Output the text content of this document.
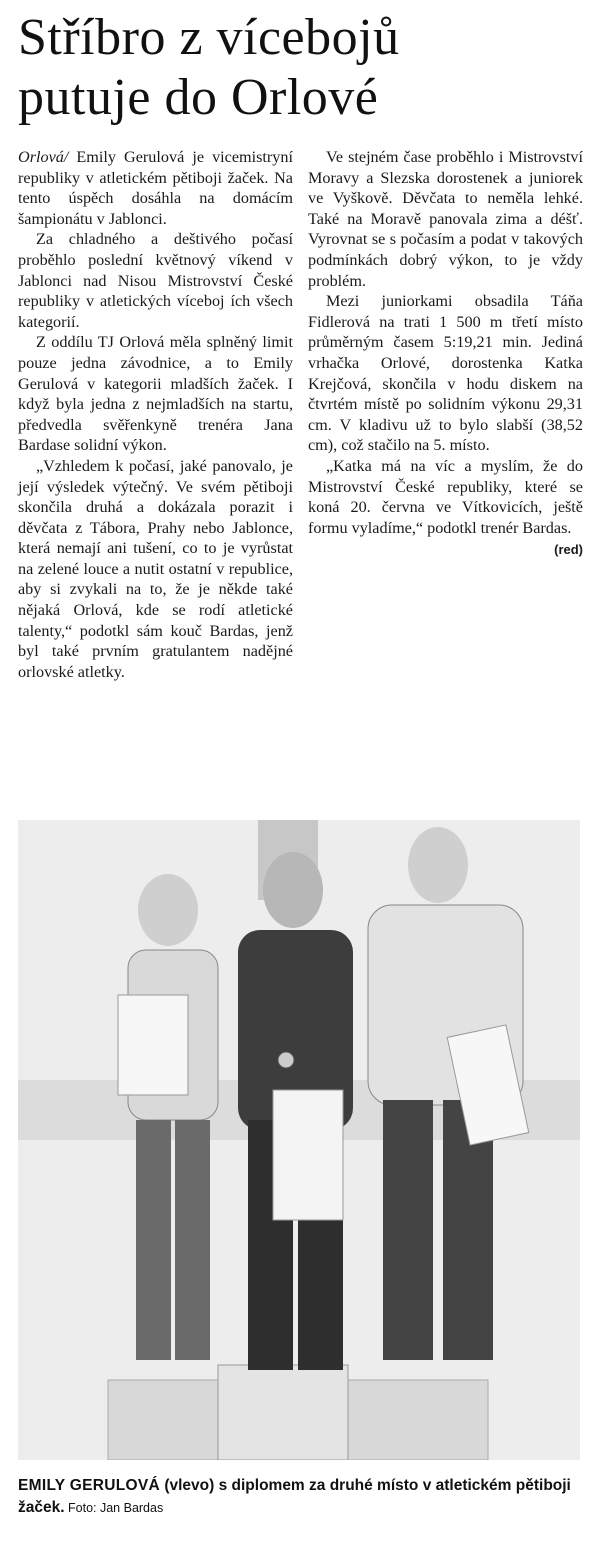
Stříbro z vícebojů
putuje do Orlové

Orlová/ Emily Gerulová je vicemistryní republiky v atletickém pětiboji žaček. Na tento úspěch dosáhla na domácím šampionátu v Jablonci.

Za chladného a deštivého počasí proběhlo poslední květnový víkend v Jablonci nad Nisou Mistrovství České republiky v atletických víceboj ích všech kategorií.

Z oddílu TJ Orlová měla splněný limit pouze jedna závodnice, a to Emily Gerulová v kategorii mladších žaček. I když byla jedna z nejmladších na startu, předvedla svěřenkyně trenéra Jana Bardase solidní výkon.

„Vzhledem k počasí, jaké panovalo, je její výsledek výtečný. Ve svém pětiboji skončila druhá a dokázala porazit i děvčata z Tábora, Prahy nebo Jablonce, která nemají ani tušení, co to je vyrůstat na zelené louce a nutit ostatní v republice, aby si zvykali na to, že je někde také nějaká Orlová, kde se rodí atletické talenty,“ podotkl sám kouč Bardas, jenž byl také prvním gratulantem nadějné orlovské atletky.

Ve stejném čase proběhlo i Mistrovství Moravy a Slezska dorostenek a juniorek ve Vyškově. Děvčata to neměla lehké. Také na Moravě panovala zima a déšť. Vyrovnat se s počasím a podat v takových podmínkách dobrý výkon, to je vždy problém.

Mezi juniorkami obsadila Táňa Fidlerová na trati 1 500 m třetí místo průměrným časem 5:19,21 min. Jediná vrhačka Orlové, dorostenka Katka Krejčová, skončila v hodu diskem na čtvrtém místě po solidním výkonu 29,31 cm. V kladivu už to bylo slabší (38,52 cm), což stačilo na 5. místo.

„Katka má na víc a myslím, že do Mistrovství České republiky, které se koná 20. června ve Vítkovicích, ještě formu vyladíme,“ podotkl trenér Bardas.

(red)
EMILY GERULOVÁ (vlevo) s diplomem za druhé místo v atletickém pětiboji žaček. Foto: Jan Bardas
